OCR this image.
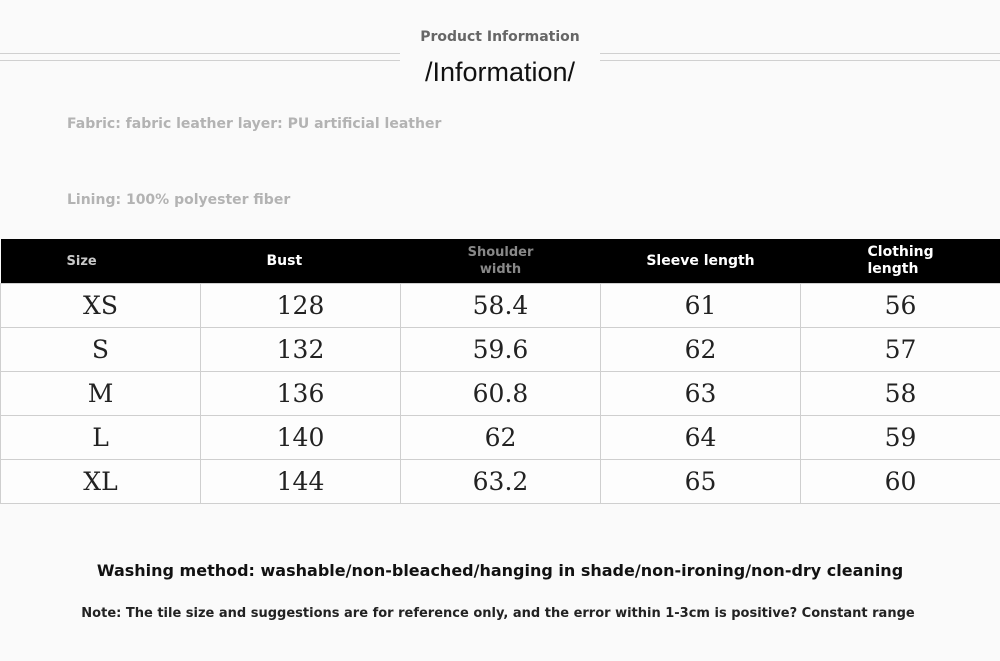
Product Information
/Information/
Fabric: fabric leather layer: PU artificial leather
Lining: 100% polyester fiber
Size	Bust	Shoulder width	Sleeve length	Clothing length
XS	128	58.4	61	56
S	132	59.6	62	57
M	136	60.8	63	58
L	140	62	64	59
XL	144	63.2	65	60
Washing method: washable/non-bleached/hanging in shade/non-ironing/non-dry cleaning
Note: The tile size and suggestions are for reference only, and the error within 1-3cm is positive? Constant range
